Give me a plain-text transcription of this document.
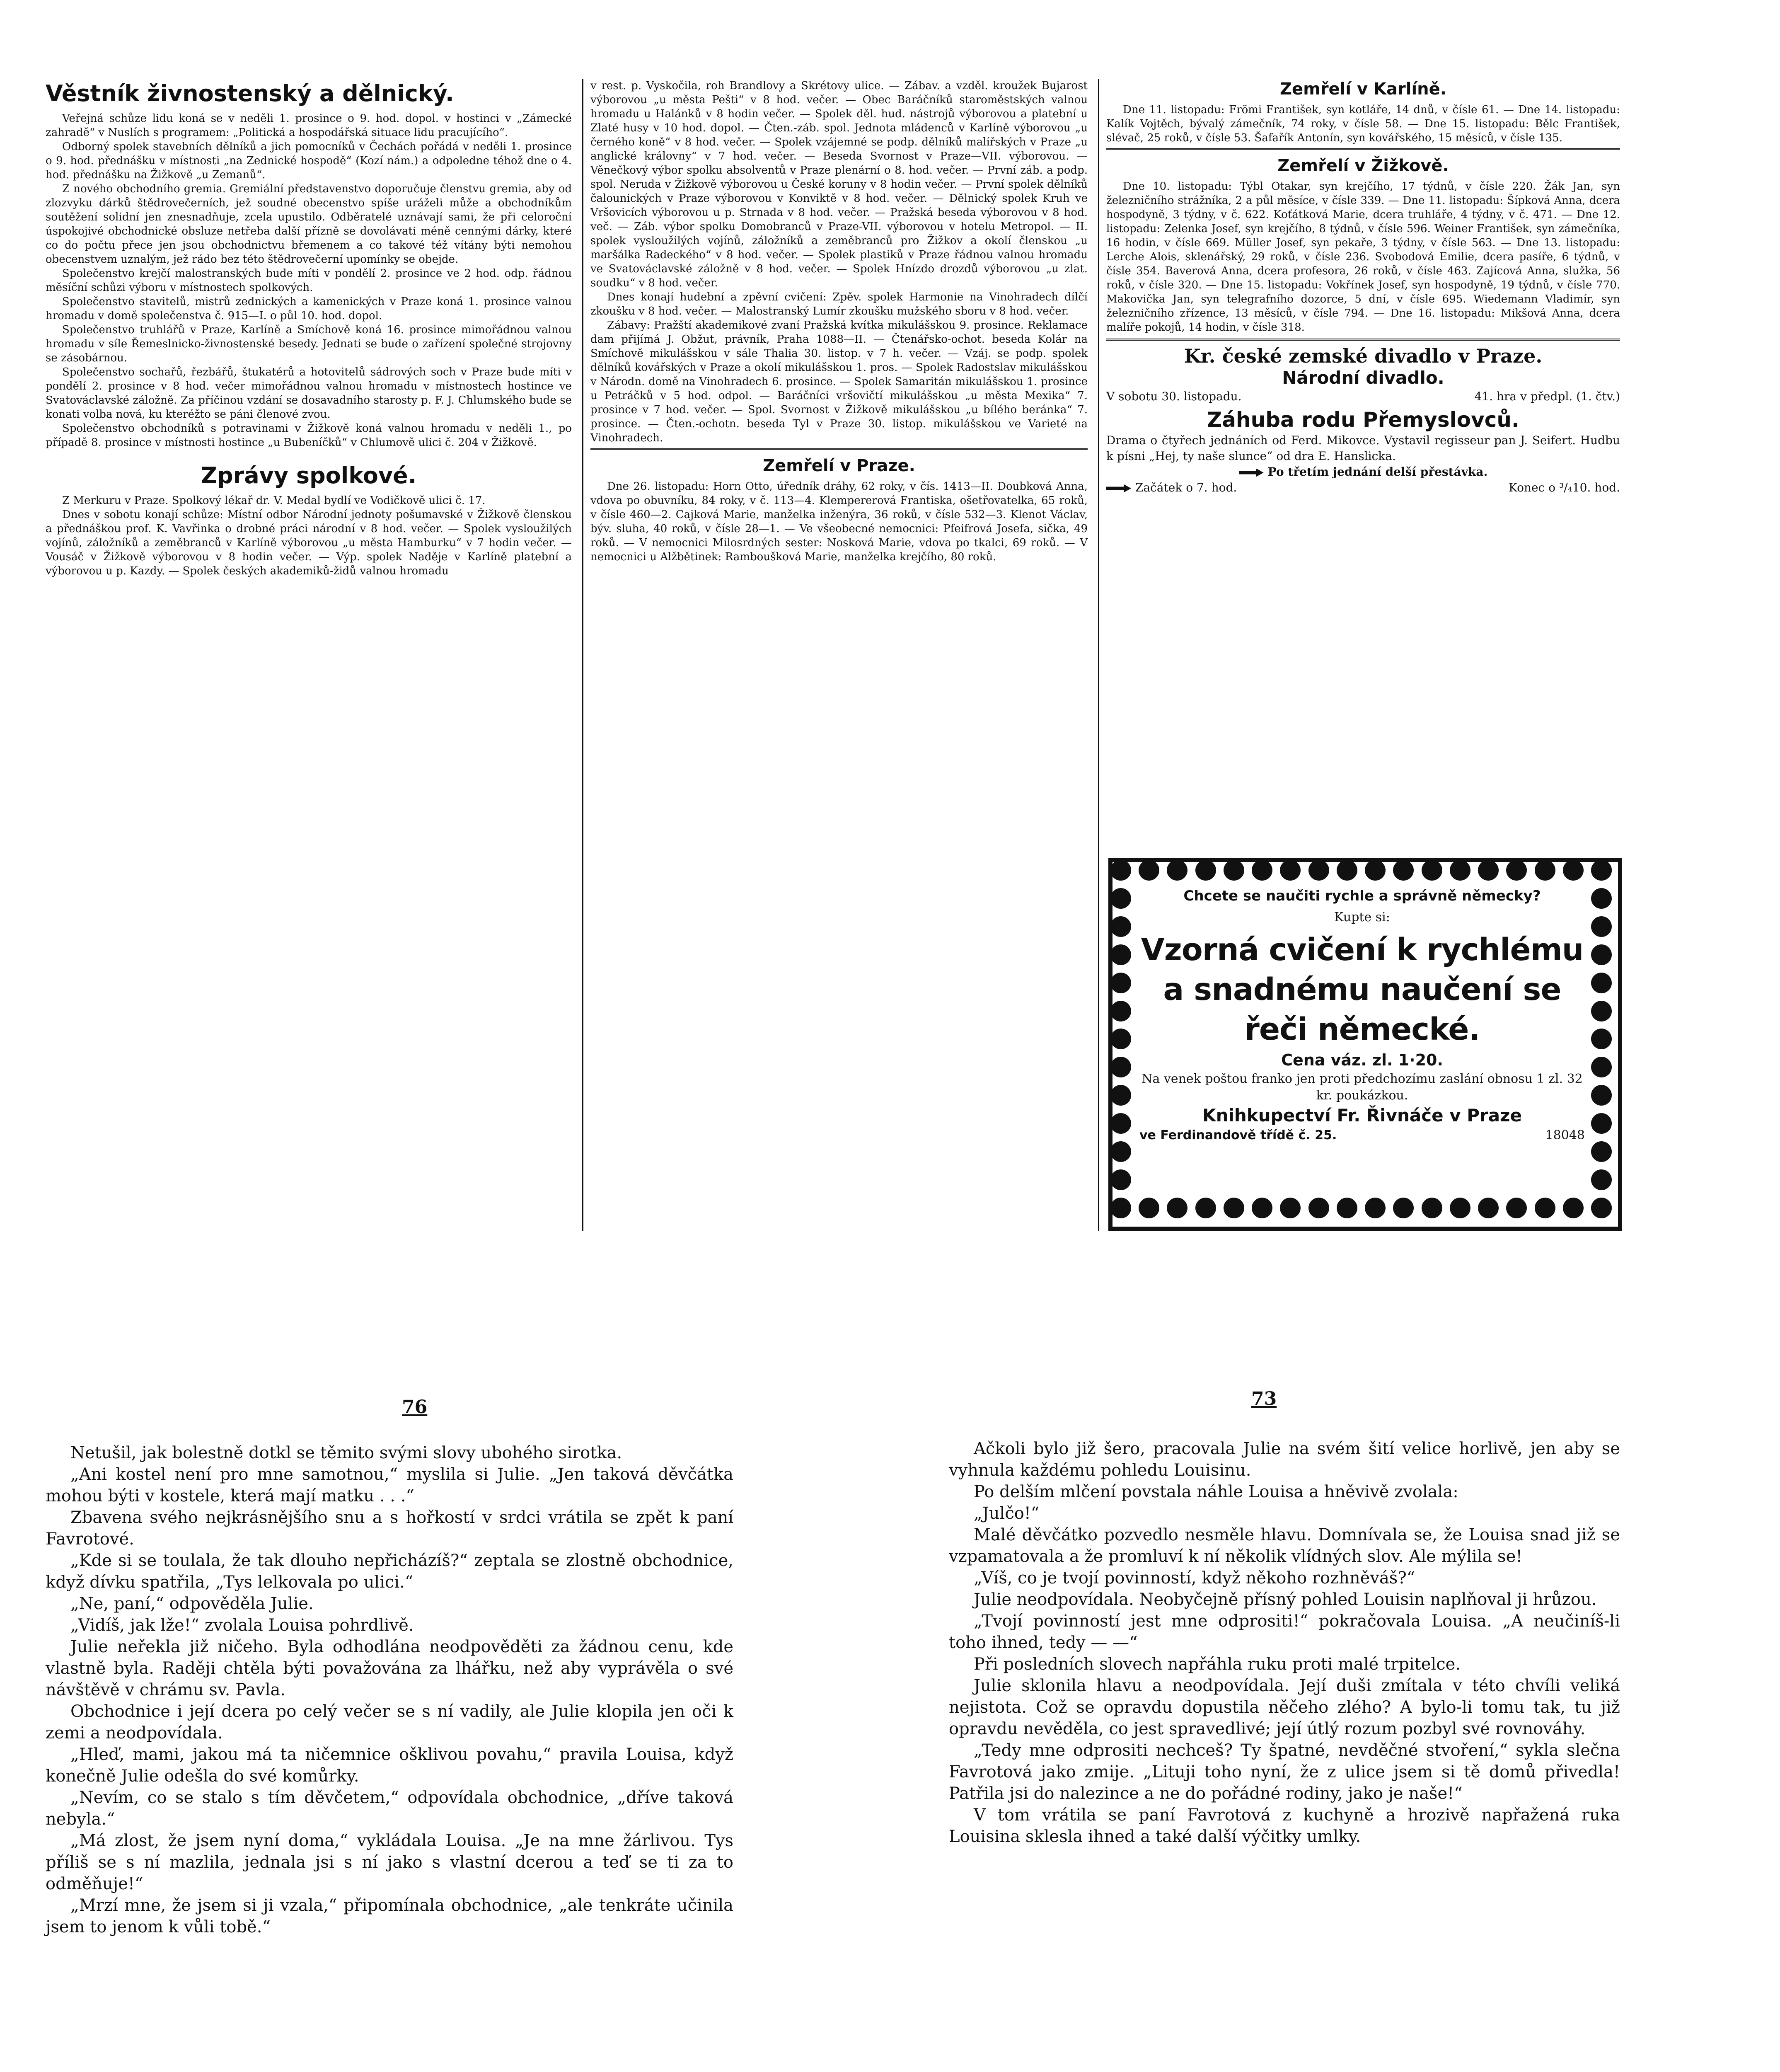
Věstník živnostenský a dělnický.

Veřejná schůze lidu koná se v neděli 1. prosince o 9. hod. dopol. v hostinci v „Zámecké zahradě“ v Nuslích s programem: „Politická a hospodářská situace lidu pracujícího“.

Odborný spolek stavebních dělníků a jich pomocníků v Čechách pořádá v neděli 1. prosince o 9. hod. přednášku v místnosti „na Zednické hospodě“ (Kozí nám.) a odpoledne téhož dne o 4. hod. přednášku na Žižkově „u Zemanů“.

Z nového obchodního gremia. Gremiální představenstvo doporučuje členstvu gremia, aby od zlozvyku dárků štědrovečerních, jež soudné obecenstvo spíše uráželi může a obchodníkům soutěžení solidní jen znesnadňuje, zcela upustilo. Odběratelé uznávají sami, že při celoroční úspokojivé obchodnické obsluze netřeba další přízně se dovolávati méně cennými dárky, které co do počtu přece jen jsou obchodnictvu břemenem a co takové též vítány býti nemohou obecenstvem uznalým, jež rádo bez této štědrovečerní upomínky se obejde.

Společenstvo krejčí malostranských bude míti v pondělí 2. prosince ve 2 hod. odp. řádnou měsíční schůzi výboru v místnostech spolkových.

Společenstvo stavitelů, mistrů zednických a kamenických v Praze koná 1. prosince valnou hromadu v domě společenstva č. 915—I. o půl 10. hod. dopol.

Společenstvo truhlářů v Praze, Karlíně a Smíchově koná 16. prosince mimořádnou valnou hromadu v síle Řemeslnicko-živnostenské besedy. Jednati se bude o zařízení společné strojovny se zásobárnou.

Společenstvo sochařů, řezbářů, štukatérů a hotovitelů sádrových soch v Praze bude míti v pondělí 2. prosince v 8 hod. večer mimořádnou valnou hromadu v místnostech hostince ve Svatováclavské záložně. Za příčinou vzdání se dosavadního starosty p. F. J. Chlumského bude se konati volba nová, ku kteréžto se páni členové zvou.

Společenstvo obchodníků s potravinami v Žižkově koná valnou hromadu v neděli 1., po případě 8. prosince v místnosti hostince „u Bubeníčků“ v Chlumově ulici č. 204 v Žižkově.

Zprávy spolkové.

Z Merkuru v Praze. Spolkový lékař dr. V. Medal bydlí ve Vodičkově ulici č. 17.

Dnes v sobotu konají schůze: Místní odbor Národní jednoty pošumavské v Žižkově členskou a přednáškou prof. K. Vavřinka o drobné práci národní v 8 hod. večer. — Spolek vysloužilých vojínů, záložníků a zeměbranců v Karlíně výborovou „u města Hamburku“ v 7 hodin večer. — Vousáč v Žižkově výborovou v 8 hodin večer. — Výp. spolek Naděje v Karlíně platební a výborovou u p. Kazdy. — Spolek českých akademiků-židů valnou hromadu

v rest. p. Vyskočila, roh Brandlovy a Skrétovy ulice. — Zábav. a vzděl. kroužek Bujarost výborovou „u města Pešti“ v 8 hod. večer. — Obec Baráčníků staroměstských valnou hromadu u Halánků v 8 hodin večer. — Spolek děl. hud. nástrojů výborovou a platební u Zlaté husy v 10 hod. dopol. — Čten.-záb. spol. Jednota mládenců v Karlíně výborovou „u černého koně“ v 8 hod. večer. — Spolek vzájemné se podp. dělníků malířských v Praze „u anglické královny“ v 7 hod. večer. — Beseda Svornost v Praze—VII. výborovou. — Věnečkový výbor spolku absolventů v Praze plenární o 8. hod. večer. — První záb. a podp. spol. Neruda v Žižkově výborovou u České koruny v 8 hodin večer. — První spolek dělníků čalounických v Praze výborovou v Konviktě v 8 hod. večer. — Dělnický spolek Kruh ve Vršovicích výborovou u p. Strnada v 8 hod. večer. — Pražská beseda výborovou v 8 hod. več. — Záb. výbor spolku Domobranců v Praze-VII. výborovou v hotelu Metropol. — II. spolek vysloužilých vojínů, záložníků a zeměbranců pro Žižkov a okolí členskou „u maršálka Radeckého“ v 8 hod. večer. — Spolek plastiků v Praze řádnou valnou hromadu ve Svatováclavské záložně v 8 hod. večer. — Spolek Hnízdo drozdů výborovou „u zlat. soudku“ v 8 hod. večer.

Dnes konají hudební a zpěvní cvičení: Zpěv. spolek Harmonie na Vinohradech dílčí zkoušku v 8 hod. večer. — Malostranský Lumír zkoušku mužského sboru v 8 hod. večer.

Zábavy: Pražští akademikové zvaní Pražská kvítka mikulášskou 9. prosince. Reklamace dam přijímá J. Obžut, právník, Praha 1088—II. — Čtenářsko-ochot. beseda Kolár na Smíchově mikulášskou v sále Thalia 30. listop. v 7 h. večer. — Vzáj. se podp. spolek dělníků kovářských v Praze a okolí mikulášskou 1. pros. — Spolek Radostslav mikulášskou v Národn. domě na Vinohradech 6. prosince. — Spolek Samaritán mikulášskou 1. prosince u Petráčků v 5 hod. odpol. — Baráčníci vršovičtí mikulášskou „u města Mexika“ 7. prosince v 7 hod. večer. — Spol. Svornost v Žižkově mikulášskou „u bílého beránka“ 7. prosince. — Čten.-ochotn. beseda Tyl v Praze 30. listop. mikulášskou ve Varieté na Vinohradech.

Zemřelí v Praze.

Dne 26. listopadu: Horn Otto, úředník dráhy, 62 roky, v čís. 1413—II. Doubková Anna, vdova po obuvníku, 84 roky, v č. 113—4. Klempererová Frantiska, ošetřovatelka, 65 roků, v čísle 460—2. Cajková Marie, manželka inženýra, 36 roků, v čísle 532—3. Klenot Václav, býv. sluha, 40 roků, v čísle 28—1. — Ve všeobecné nemocnici: Pfeifrová Josefa, sička, 49 roků. — V nemocnici Milosrdných sester: Nosková Marie, vdova po tkalci, 69 roků. — V nemocnici u Alžbětinek: Ramboušková Marie, manželka krejčího, 80 roků.

Zemřelí v Karlíně.

Dne 11. listopadu: Frömi František, syn kotláře, 14 dnů, v čísle 61. — Dne 14. listopadu: Kalík Vojtěch, bývalý zámečník, 74 roky, v čísle 58. — Dne 15. listopadu: Bělc František, slévač, 25 roků, v čísle 53. Šafařík Antonín, syn kovářského, 15 měsíců, v čísle 135.

Zemřelí v Žižkově.

Dne 10. listopadu: Týbl Otakar, syn krejčího, 17 týdnů, v čísle 220. Žák Jan, syn železničního strážníka, 2 a půl měsíce, v čísle 339. — Dne 11. listopadu: Šípková Anna, dcera hospodyně, 3 týdny, v č. 622. Koťátková Marie, dcera truhláře, 4 týdny, v č. 471. — Dne 12. listopadu: Zelenka Josef, syn krejčího, 8 týdnů, v čísle 596. Weiner František, syn zámečníka, 16 hodin, v čísle 669. Müller Josef, syn pekaře, 3 týdny, v čísle 563. — Dne 13. listopadu: Lerche Alois, sklenářský, 29 roků, v čísle 236. Svobodová Emilie, dcera pasíře, 6 týdnů, v čísle 354. Baverová Anna, dcera profesora, 26 roků, v čísle 463. Zajícová Anna, služka, 56 roků, v čísle 320. — Dne 15. listopadu: Vokřínek Josef, syn hospodyně, 19 týdnů, v čísle 770. Makovička Jan, syn telegrafního dozorce, 5 dní, v čísle 695. Wiedemann Vladimír, syn železničního zřízence, 13 měsíců, v čísle 794. — Dne 16. listopadu: Mikšová Anna, dcera malíře pokojů, 14 hodin, v čísle 318.

Kr. české zemské divadlo v Praze.
Národní divadlo.
V sobotu 30. listopadu.	41. hra v předpl. (1. čtv.)
Záhuba rodu Přemyslovců.

Drama o čtyřech jednáních od Ferd. Mikovce. Vystavil regisseur pan J. Seifert. Hudbu k písni „Hej, ty naše slunce“ od dra E. Hanslicka.

Po třetím jednání delší přestávka.

Začátek o 7. hod.	Konec o ³/₄10. hod.
Chcete se naučiti rychle a správně německy?
Kupte si:
Vzorná cvičení k rychlému a snadnému naučení se řeči německé.
Cena váz. zl. 1·20.
Na venek poštou franko jen proti předchozímu zaslání obnosu 1 zl. 32 kr. poukázkou.
Knihkupectví Fr. Řivnáče v Praze
ve Ferdinandově třídě č. 25.	18048
76	73

Netušil, jak bolestně dotkl se těmito svými slovy ubohého sirotka.

„Ani kostel není pro mne samotnou,“ myslila si Julie. „Jen taková děvčátka mohou býti v kostele, která mají matku . . .“

Zbavena svého nejkrásnějšího snu a s hořkostí v srdci vrátila se zpět k paní Favrotové.

„Kde si se toulala, že tak dlouho nepřicházíš?“ zeptala se zlostně obchodnice, když dívku spatřila, „Tys lelkovala po ulici.“

„Ne, paní,“ odpověděla Julie.

„Vidíš, jak lže!“ zvolala Louisa pohrdlivě.

Julie neřekla již ničeho. Byla odhodlána neodpověděti za žádnou cenu, kde vlastně byla. Raději chtěla býti považována za lhářku, než aby vyprávěla o své návštěvě v chrámu sv. Pavla.

Obchodnice i její dcera po celý večer se s ní vadily, ale Julie klopila jen oči k zemi a neodpovídala.

„Hleď, mami, jakou má ta ničemnice ošklivou povahu,“ pravila Louisa, když konečně Julie odešla do své komůrky.

„Nevím, co se stalo s tím děvčetem,“ odpovídala obchodnice, „dříve taková nebyla.“

„Má zlost, že jsem nyní doma,“ vykládala Louisa. „Je na mne žárlivou. Tys příliš se s ní mazlila, jednala jsi s ní jako s vlastní dcerou a teď se ti za to odměňuje!“

„Mrzí mne, že jsem si ji vzala,“ připomínala obchodnice, „ale tenkráte učinila jsem to jenom k vůli tobě.“

Ačkoli bylo již šero, pracovala Julie na svém šití velice horlivě, jen aby se vyhnula každému pohledu Louisinu.

Po delším mlčení povstala náhle Louisa a hněvivě zvolala:

„Julčo!“

Malé děvčátko pozvedlo nesměle hlavu. Domnívala se, že Louisa snad již se vzpamatovala a že promluví k ní několik vlídných slov. Ale mýlila se!

„Víš, co je tvojí povinností, když někoho rozhněváš?“

Julie neodpovídala. Neobyčejně přísný pohled Louisin naplňoval ji hrůzou.

„Tvojí povinností jest mne odprositi!“ pokračovala Louisa. „A neučiníš-li toho ihned, tedy — —“

Při posledních slovech napřáhla ruku proti malé trpitelce.

Julie sklonila hlavu a neodpovídala. Její duši zmítala v této chvíli veliká nejistota. Což se opravdu dopustila něčeho zlého? A bylo-li tomu tak, tu již opravdu nevěděla, co jest spravedlivé; její útlý rozum pozbyl své rovnováhy.

„Tedy mne odprositi nechceš? Ty špatné, nevděčné stvoření,“ sykla slečna Favrotová jako zmije. „Lituji toho nyní, že z ulice jsem si tě domů přivedla! Patřila jsi do nalezince a ne do pořádné rodiny, jako je naše!“

V tom vrátila se paní Favrotová z kuchyně a hrozivě napřažená ruka Louisina sklesla ihned a také další výčitky umlky.
